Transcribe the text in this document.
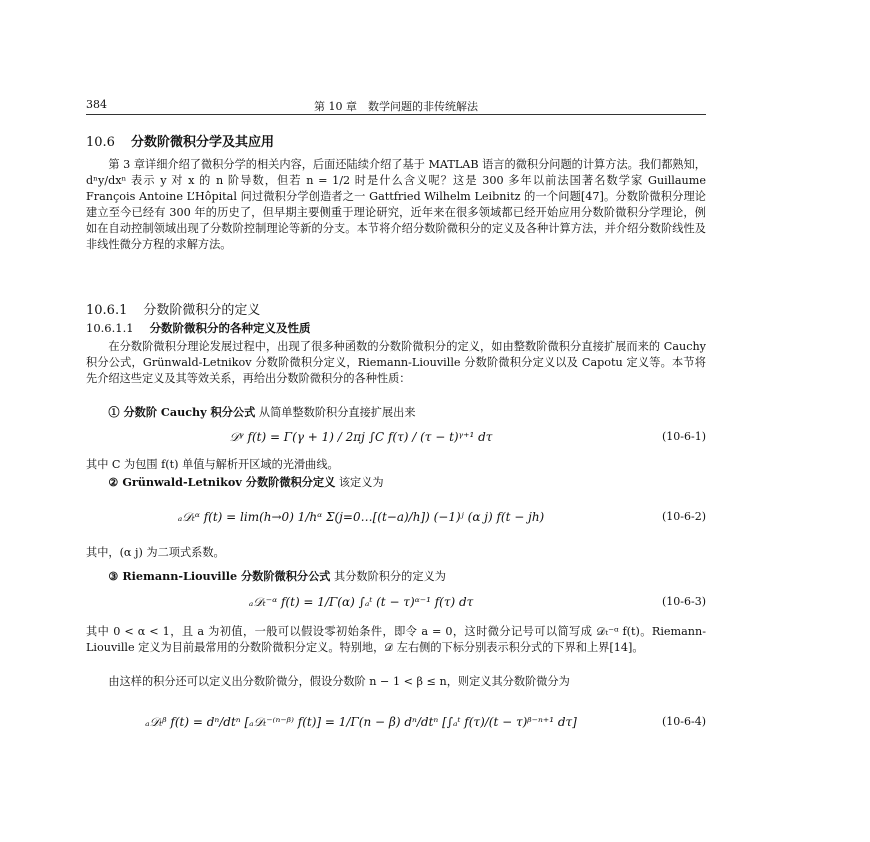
384	第 10 章　数学问题的非传统解法
10.6 分数阶微积分学及其应用
第 3 章详细介绍了微积分学的相关内容，后面还陆续介绍了基于 MATLAB 语言的微积分问题的计算方法。我们都熟知，dⁿy/dxⁿ 表示 y 对 x 的 n 阶导数，但若 n = 1/2 时是什么含义呢？这是 300 多年以前法国著名数学家 Guillaume François Antoine L’Hôpital 问过微积分学创造者之一 Gattfried Wilhelm Leibnitz 的一个问题[47]。分数阶微积分理论建立至今已经有 300 年的历史了，但早期主要侧重于理论研究，近年来在很多领域都已经开始应用分数阶微积分学理论，例如在自动控制领域出现了分数阶控制理论等新的分支。本节将介绍分数阶微积分的定义及各种计算方法，并介绍分数阶线性及非线性微分方程的求解方法。
10.6.1 分数阶微积分的定义
10.6.1.1 分数阶微积分的各种定义及性质
在分数阶微积分理论发展过程中，出现了很多种函数的分数阶微积分的定义，如由整数阶微积分直接扩展而来的 Cauchy 积分公式，Grünwald-Letnikov 分数阶微积分定义，Riemann-Liouville 分数阶微积分定义以及 Capotu 定义等。本节将先介绍这些定义及其等效关系，再给出分数阶微积分的各种性质：
① 分数阶 Cauchy 积分公式 从简单整数阶积分直接扩展出来
𝒟ᵞ f(t) = Γ(γ + 1) / 2πj ∫C f(τ) / (τ − t)ᵞ⁺¹ dτ	(10-6-1)
其中 C 为包围 f(t) 单值与解析开区域的光滑曲线。
② Grünwald-Letnikov 分数阶微积分定义 该定义为
ₐ𝒟ₜᵅ f(t) = lim(h→0) 1/hᵅ Σ(j=0…[(t−a)/h]) (−1)ʲ (α j) f(t − jh)	(10-6-2)
其中，(α j) 为二项式系数。
③ Riemann-Liouville 分数阶微积分公式 其分数阶积分的定义为
ₐ𝒟ₜ⁻ᵅ f(t) = 1/Γ(α) ∫ₐᵗ (t − τ)ᵅ⁻¹ f(τ) dτ	(10-6-3)
其中 0 < α < 1，且 a 为初值，一般可以假设零初始条件，即令 a = 0，这时微分记号可以简写成 𝒟ₜ⁻ᵅ f(t)。Riemann-Liouville 定义为目前最常用的分数阶微积分定义。特别地，𝒟 左右侧的下标分别表示积分式的下界和上界[14]。
由这样的积分还可以定义出分数阶微分，假设分数阶 n − 1 < β ≤ n，则定义其分数阶微分为
ₐ𝒟ₜᵝ f(t) = dⁿ/dtⁿ [ₐ𝒟ₜ⁻⁽ⁿ⁻ᵝ⁾ f(t)] = 1/Γ(n − β) dⁿ/dtⁿ [∫ₐᵗ f(τ)/(t − τ)ᵝ⁻ⁿ⁺¹ dτ]	(10-6-4)
